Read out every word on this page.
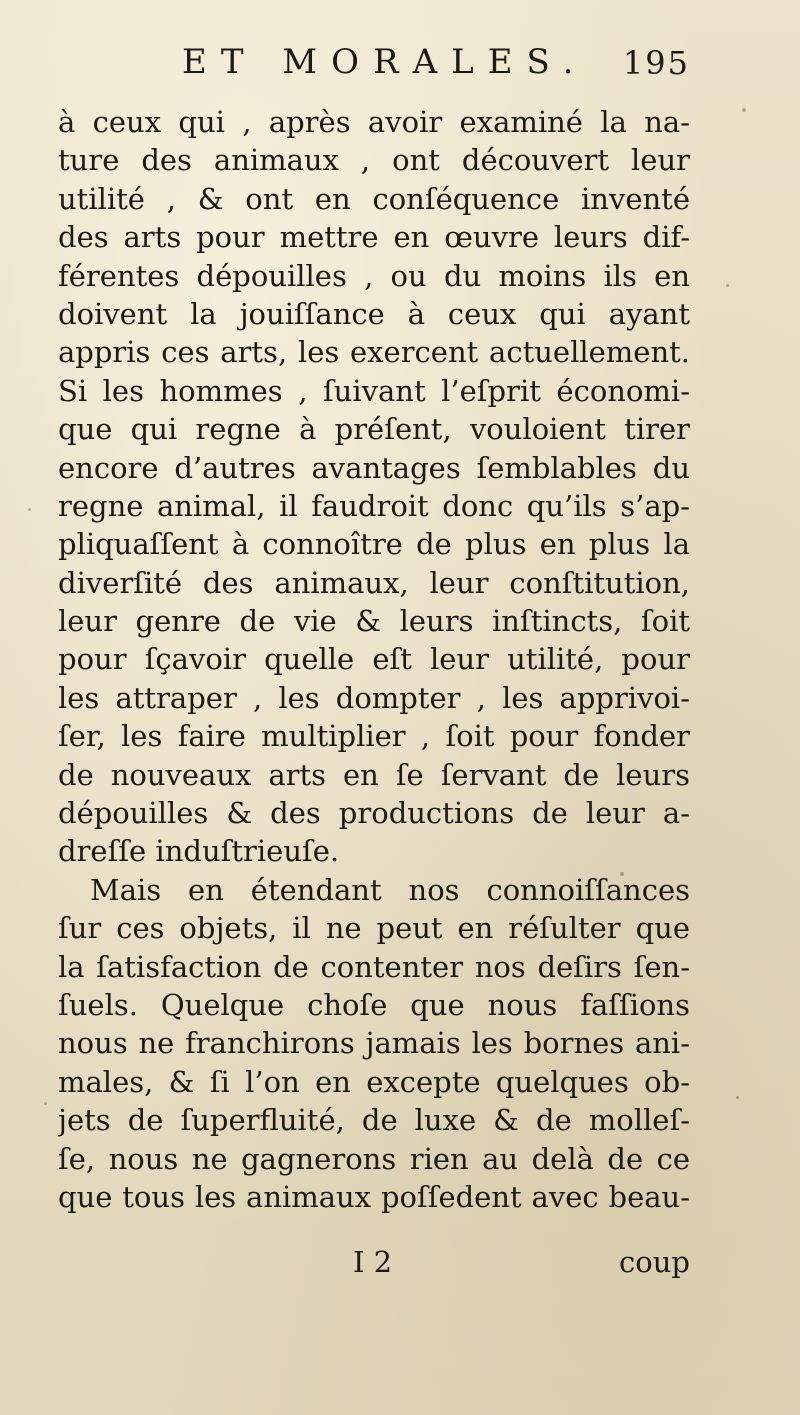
ET MORALES. 195
à ceux qui , après avoir examiné la na-
ture des animaux , ont découvert leur
utilité , & ont en conſéquence inventé
des arts pour mettre en œuvre leurs dif-
férentes dépouilles , ou du moins ils en
doivent la jouiſſance à ceux qui ayant
appris ces arts, les exercent actuellement.
Si les hommes , ſuivant l’eſprit économi-
que qui regne à préſent, vouloient tirer
encore d’autres avantages ſemblables du
regne animal, il faudroit donc qu’ils s’ap-
pliquaſſent à connoître de plus en plus la
diverſité des animaux, leur conſtitution,
leur genre de vie & leurs inſtincts, ſoit
pour ſçavoir quelle eſt leur utilité, pour
les attraper , les dompter , les apprivoi-
ſer, les faire multiplier , ſoit pour fonder
de nouveaux arts en ſe ſervant de leurs
dépouilles & des productions de leur a-
dreſſe induſtrieuſe.
Mais en étendant nos connoiſſances
ſur ces objets, il ne peut en réſulter que
la ſatisfaction de contenter nos deſirs ſen-
ſuels. Quelque choſe que nous faſſions
nous ne franchirons jamais les bornes ani-
males, & ſi l’on en excepte quelques ob-
jets de ſuperfluité, de luxe & de molleſ-
ſe, nous ne gagnerons rien au delà de ce
que tous les animaux poſſedent avec beau-
I 2	coup
